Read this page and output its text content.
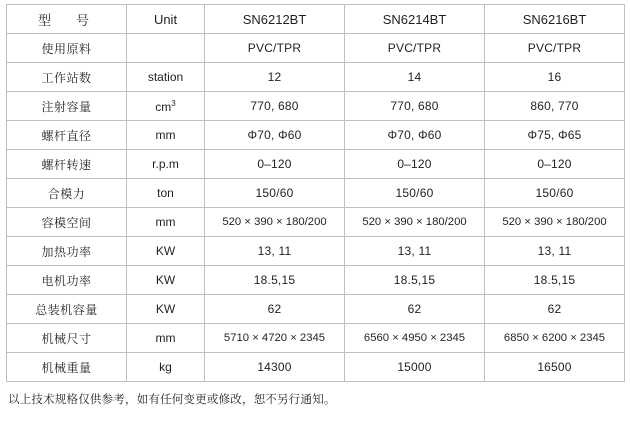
型　号	Unit	SN6212BT	SN6214BT	SN6216BT
使用原料		PVC/TPR	PVC/TPR	PVC/TPR
工作站数	station	12	14	16
注射容量	$cm^3$	770, 680	770, 680	860, 770
螺杆直径	mm	Φ70, Φ60	Φ70, Φ60	Φ75, Φ65
螺杆转速	r.p.m	0–120	0–120	0–120
合模力	ton	150/60	150/60	150/60
容模空间	mm	520 × 390 × 180/200	520 × 390 × 180/200	520 × 390 × 180/200
加热功率	KW	13, 11	13, 11	13, 11
电机功率	KW	18.5,15	18.5,15	18.5,15
总装机容量	KW	62	62	62
机械尺寸	mm	5710 × 4720 × 2345	6560 × 4950 × 2345	6850 × 6200 × 2345
机械重量	kg	14300	15000	16500
以上技术规格仅供参考，如有任何变更或修改，恕不另行通知。
